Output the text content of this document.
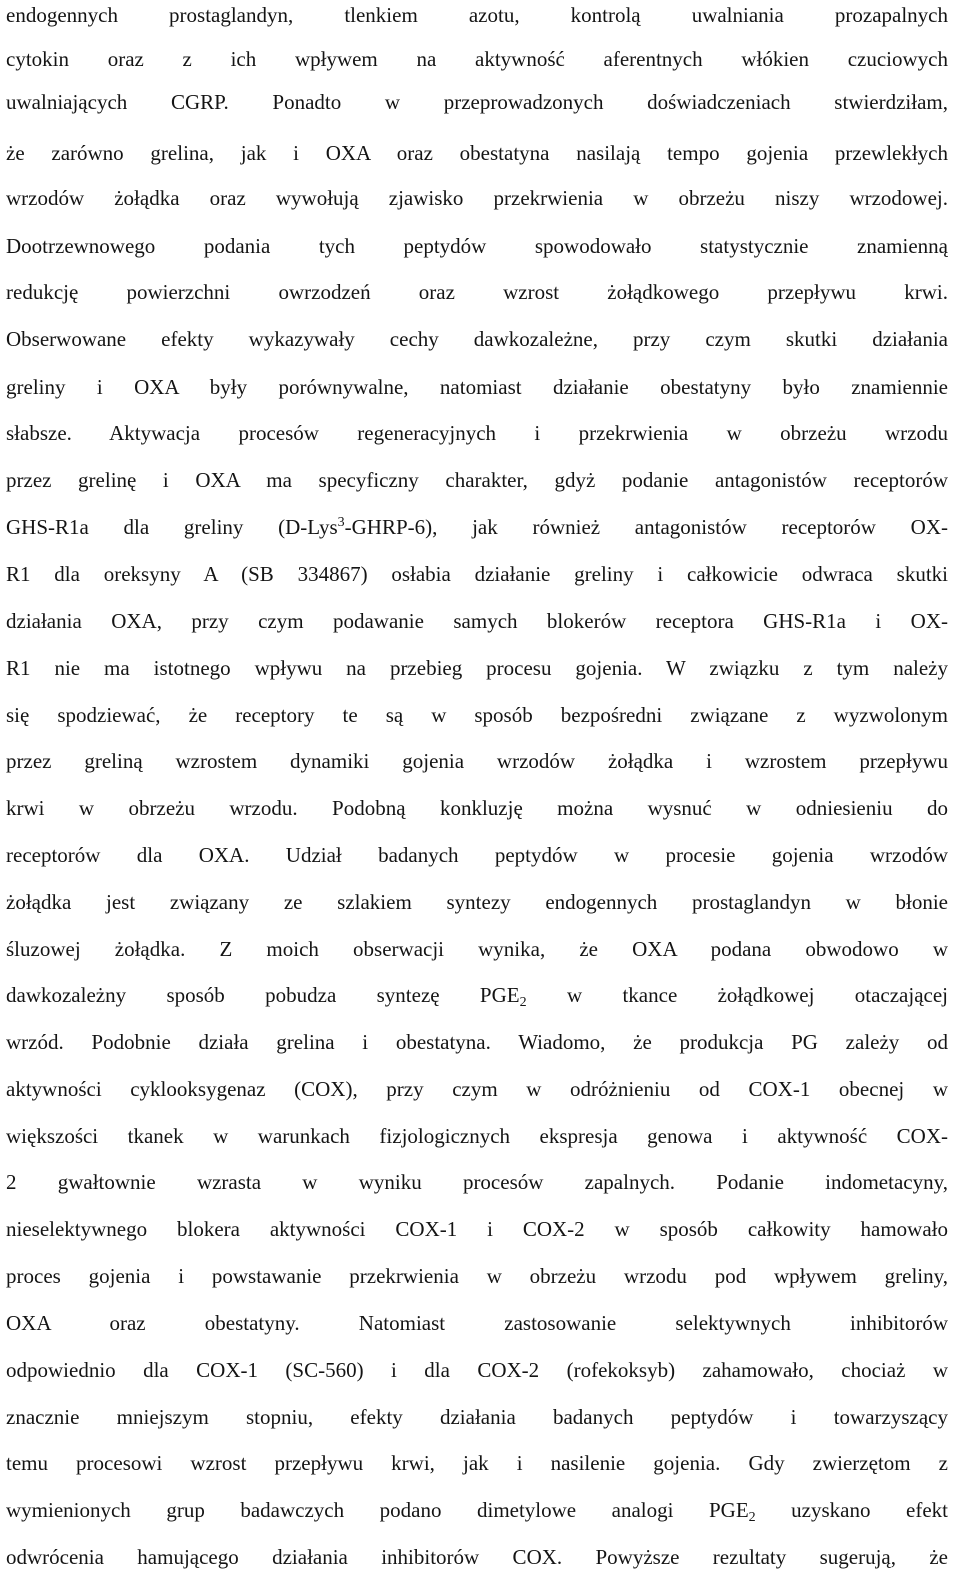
endogennych prostaglandyn, tlenkiem azotu, kontrolą uwalniania prozapalnych
cytokin oraz z ich wpływem na aktywność aferentnych włókien czuciowych
uwalniających CGRP. Ponadto w przeprowadzonych doświadczeniach stwierdziłam,
że zarówno grelina, jak i OXA oraz obestatyna nasilają tempo gojenia przewlekłych
wrzodów żołądka oraz wywołują zjawisko przekrwienia w obrzeżu niszy wrzodowej.
Dootrzewnowego podania tych peptydów spowodowało statystycznie znamienną
redukcję powierzchni owrzodzeń oraz wzrost żołądkowego przepływu krwi.
Obserwowane efekty wykazywały cechy dawkozależne, przy czym skutki działania
greliny i OXA były porównywalne, natomiast działanie obestatyny było znamiennie
słabsze. Aktywacja procesów regeneracyjnych i przekrwienia w obrzeżu wrzodu
przez grelinę i OXA ma specyficzny charakter, gdyż podanie antagonistów receptorów
GHS-R1a dla greliny (D-Lys$^3$-GHRP-6), jak również antagonistów receptorów OX-
R1 dla oreksyny A (SB 334867) osłabia działanie greliny i całkowicie odwraca skutki
działania OXA, przy czym podawanie samych blokerów receptora GHS-R1a i OX-
R1 nie ma istotnego wpływu na przebieg procesu gojenia. W związku z tym należy
się spodziewać, że receptory te są w sposób bezpośredni związane z wyzwolonym
przez greliną wzrostem dynamiki gojenia wrzodów żołądka i wzrostem przepływu
krwi w obrzeżu wrzodu. Podobną konkluzję można wysnuć w odniesieniu do
receptorów dla OXA. Udział badanych peptydów w procesie gojenia wrzodów
żołądka jest związany ze szlakiem syntezy endogennych prostaglandyn w błonie
śluzowej żołądka. Z moich obserwacji wynika, że OXA podana obwodowo w
dawkozależny sposób pobudza syntezę $PGE_2$ w tkance żołądkowej otaczającej
wrzód. Podobnie działa grelina i obestatyna. Wiadomo, że produkcja PG zależy od
aktywności cyklooksygenaz (COX), przy czym w odróżnieniu od COX-1 obecnej w
większości tkanek w warunkach fizjologicznych ekspresja genowa i aktywność COX-
2 gwałtownie wzrasta w wyniku procesów zapalnych. Podanie indometacyny,
nieselektywnego blokera aktywności COX-1 i COX-2 w sposób całkowity hamowało
proces gojenia i powstawanie przekrwienia w obrzeżu wrzodu pod wpływem greliny,
OXA oraz obestatyny. Natomiast zastosowanie selektywnych inhibitorów
odpowiednio dla COX-1 (SC-560) i dla COX-2 (rofekoksyb) zahamowało, chociaż w
znacznie mniejszym stopniu, efekty działania badanych peptydów i towarzyszący
temu procesowi wzrost przepływu krwi, jak i nasilenie gojenia. Gdy zwierzętom z
wymienionych grup badawczych podano dimetylowe analogi $PGE_2$ uzyskano efekt
odwrócenia hamującego działania inhibitorów COX. Powyższe rezultaty sugerują, że
